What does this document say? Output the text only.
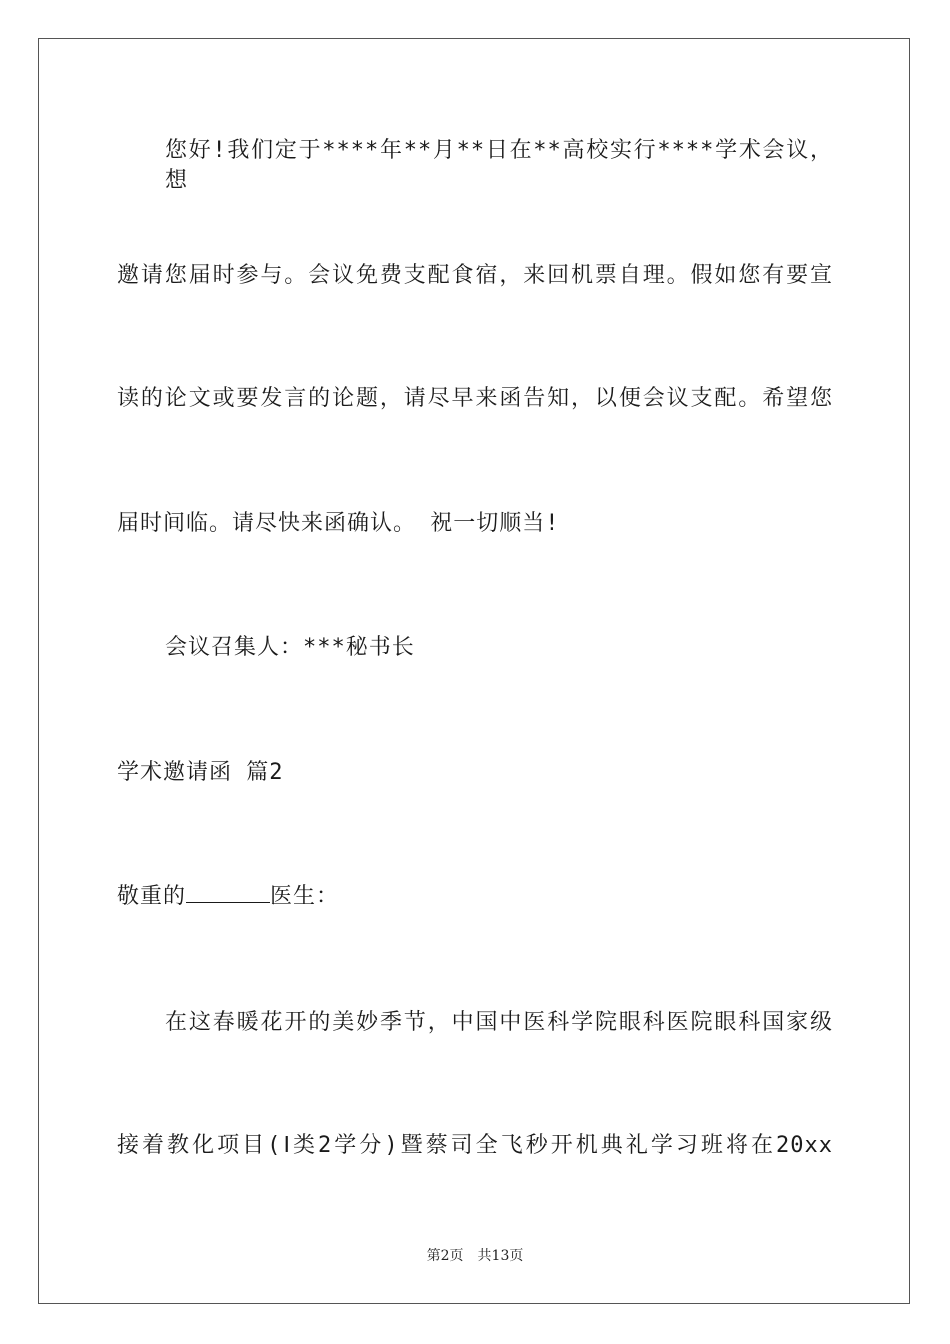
您好!我们定于****年**月**日在**高校实行****学术会议，想
邀请您届时参与。会议免费支配食宿，来回机票自理。假如您有要宣
读的论文或要发言的论题，请尽早来函告知，以便会议支配。希望您
届时间临。请尽快来函确认。 祝一切顺当!
会议召集人：***秘书长
学术邀请函 篇2
敬重的	医生：
在这春暖花开的美妙季节，中国中医科学院眼科医院眼科国家级
接着教化项目(Ⅰ类2学分)暨蔡司全飞秒开机典礼学习班将在20xx
第2页 共13页
